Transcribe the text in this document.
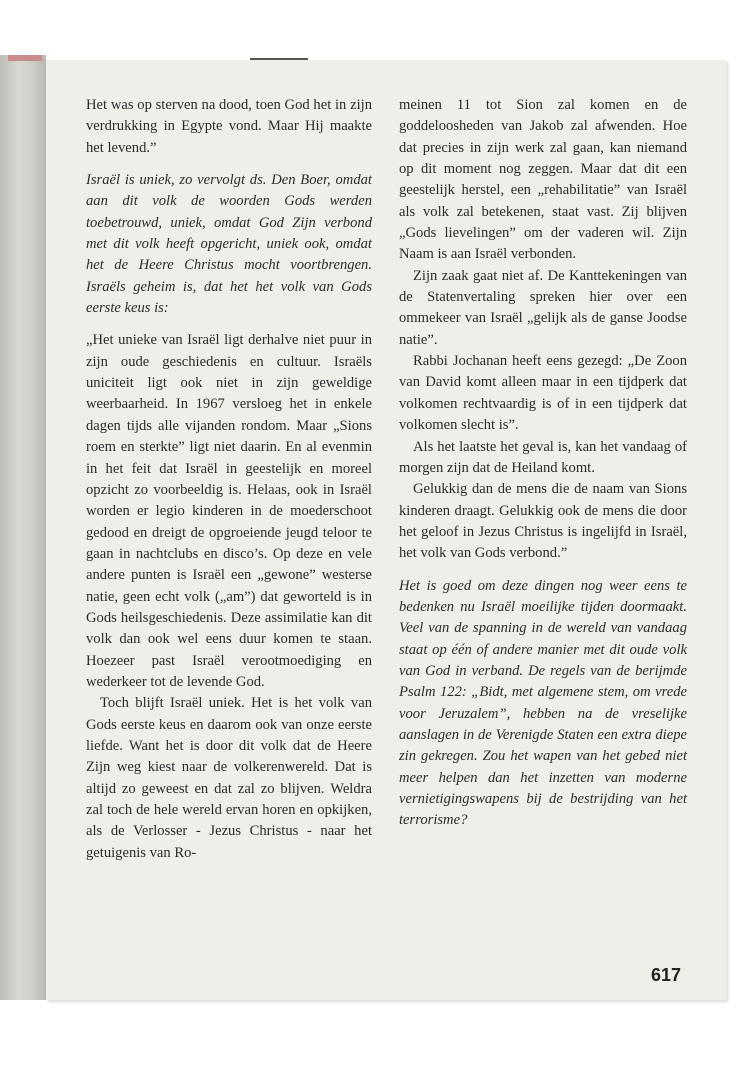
Het was op sterven na dood, toen God het in zijn verdrukking in Egypte vond. Maar Hij maakte het levend.”

Israël is uniek, zo vervolgt ds. Den Boer, omdat aan dit volk de woorden Gods werden toebetrouwd, uniek, omdat God Zijn verbond met dit volk heeft opgericht, uniek ook, omdat het de Heere Christus mocht voortbrengen. Israëls geheim is, dat het het volk van Gods eerste keus is:

„Het unieke van Israël ligt derhalve niet puur in zijn oude geschiedenis en cultuur. Israëls uniciteit ligt ook niet in zijn geweldige weerbaarheid. In 1967 versloeg het in enkele dagen tijds alle vijanden rondom. Maar „Sions roem en sterkte” ligt niet daarin. En al evenmin in het feit dat Israël in geestelijk en moreel opzicht zo voorbeeldig is. Helaas, ook in Israël worden er legio kinderen in de moederschoot gedood en dreigt de opgroeiende jeugd teloor te gaan in nachtclubs en disco’s. Op deze en vele andere punten is Israël een „gewone” westerse natie, geen echt volk („am”) dat geworteld is in Gods heilsgeschiedenis. Deze assimilatie kan dit volk dan ook wel eens duur komen te staan. Hoezeer past Israël verootmoediging en wederkeer tot de levende God.

Toch blijft Israël uniek. Het is het volk van Gods eerste keus en daarom ook van onze eerste liefde. Want het is door dit volk dat de Heere Zijn weg kiest naar de volkerenwereld. Dat is altijd zo geweest en dat zal zo blijven. Weldra zal toch de hele wereld ervan horen en opkijken, als de Verlosser - Jezus Christus - naar het getuigenis van Ro-

meinen 11 tot Sion zal komen en de goddeloosheden van Jakob zal afwenden. Hoe dat precies in zijn werk zal gaan, kan niemand op dit moment nog zeggen. Maar dat dit een geestelijk herstel, een „rehabilitatie” van Israël als volk zal betekenen, staat vast. Zij blijven „Gods lievelingen” om der vaderen wil. Zijn Naam is aan Israël verbonden.

Zijn zaak gaat niet af. De Kanttekeningen van de Statenvertaling spreken hier over een ommekeer van Israël „gelijk als de ganse Joodse natie”.

Rabbi Jochanan heeft eens gezegd: „De Zoon van David komt alleen maar in een tijdperk dat volkomen rechtvaardig is of in een tijdperk dat volkomen slecht is”.

Als het laatste het geval is, kan het vandaag of morgen zijn dat de Heiland komt.

Gelukkig dan de mens die de naam van Sions kinderen draagt. Gelukkig ook de mens die door het geloof in Jezus Christus is ingelijfd in Israël, het volk van Gods verbond.”

Het is goed om deze dingen nog weer eens te bedenken nu Israël moeilijke tijden doormaakt. Veel van de spanning in de wereld van vandaag staat op één of andere manier met dit oude volk van God in verband. De regels van de berijmde Psalm 122: „Bidt, met algemene stem, om vrede voor Jeruzalem”, hebben na de vreselijke aanslagen in de Verenigde Staten een extra diepe zin gekregen. Zou het wapen van het gebed niet meer helpen dan het inzetten van moderne vernietigingswapens bij de bestrijding van het terrorisme?

617
